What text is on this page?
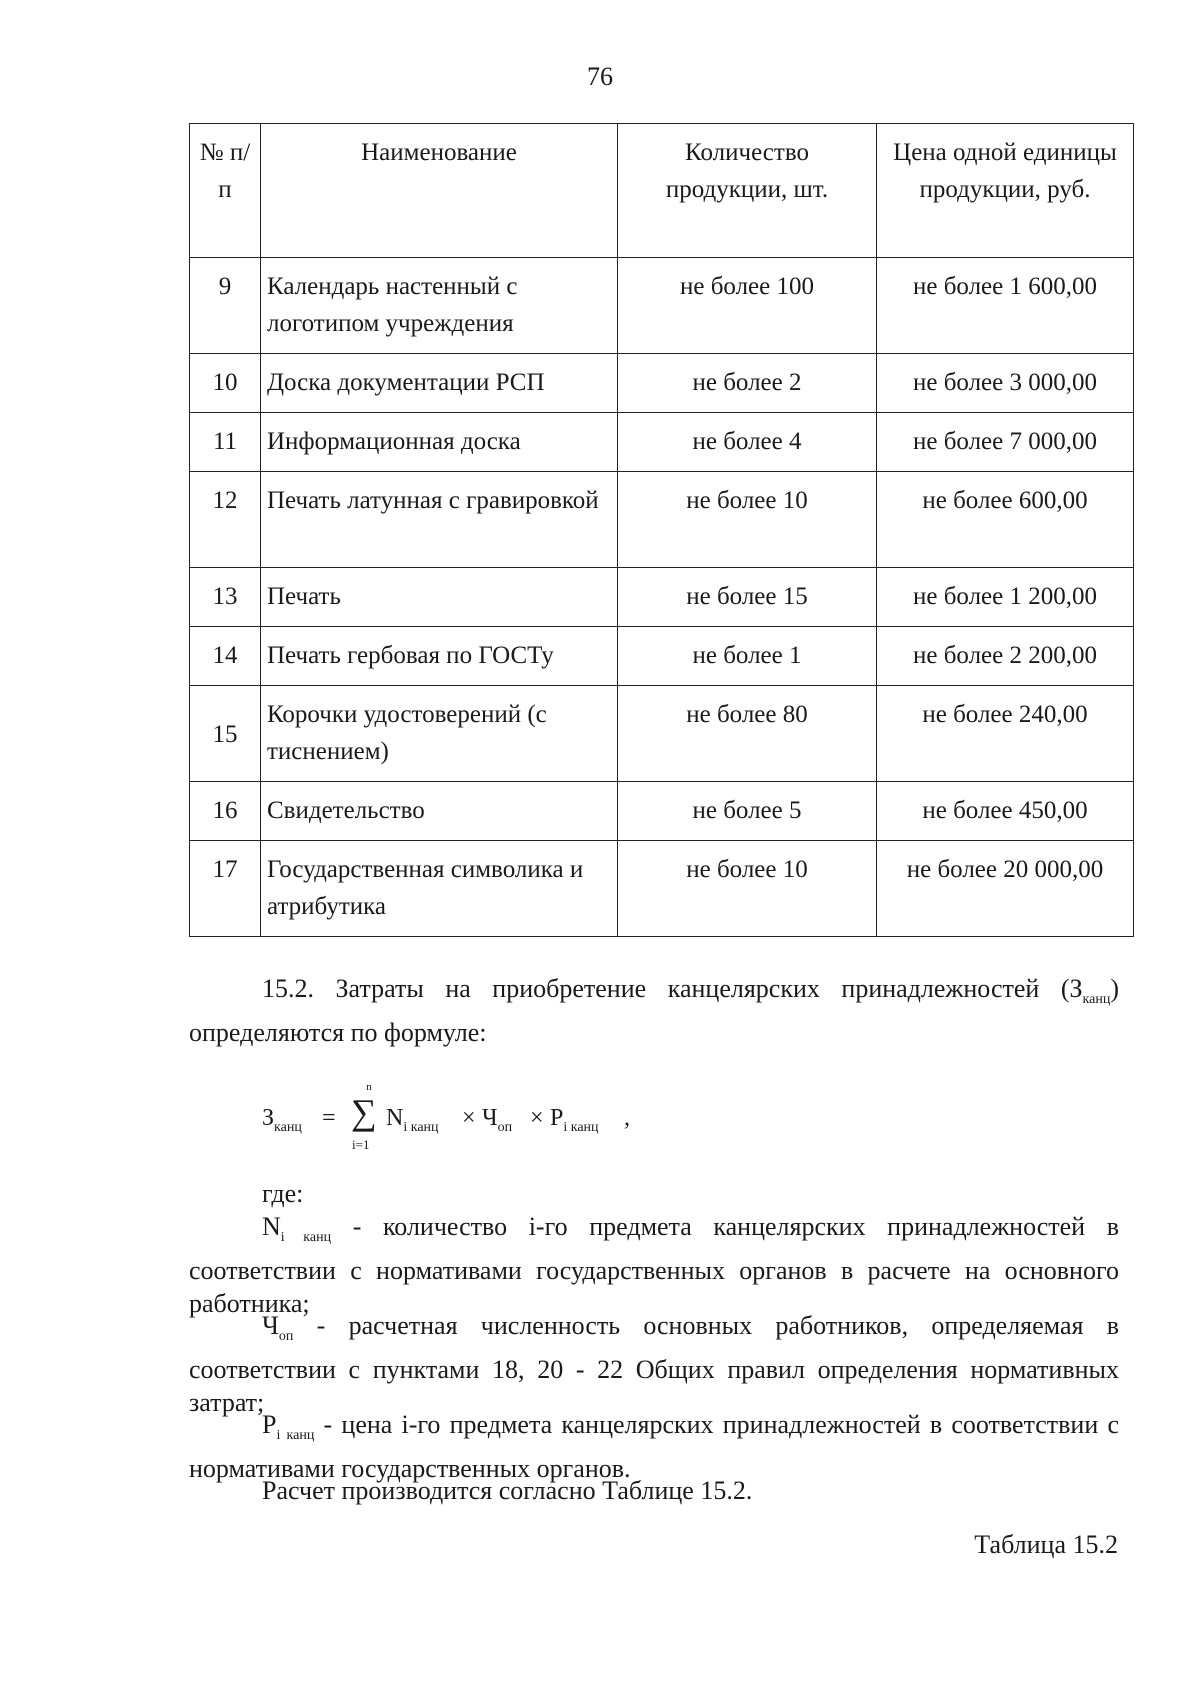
76
№ п/п	Наименование	Количество продукции, шт.	Цена одной единицы продукции, руб.
9	Календарь настенный с логотипом учреждения	не более 100	не более 1 600,00
10	Доска документации РСП	не более 2	не более 3 000,00
11	Информационная доска	не более 4	не более 7 000,00
12	Печать латунная с гравировкой	не более 10	не более 600,00
13	Печать	не более 15	не более 1 200,00
14	Печать гербовая по ГОСТу	не более 1	не более 2 200,00
15	Корочки удостоверений (с тиснением)	не более 80	не более 240,00
16	Свидетельство	не более 5	не более 450,00
17	Государственная символика и атрибутика	не более 10	не более 20 000,00
15.2. Затраты на приобретение канцелярских принадлежностей $(З_{канц})$ определяются по формуле:
$З_{канц}$ =
n
∑
i=1
$N_{i канц} \times Ч_{оп} \times P_{i канц}$ ,
где:
$N_{i канц}$ - количество i-го предмета канцелярских принадлежностей в соответствии с нормативами государственных органов в расчете на основного работника;
$Ч_{оп}$ - расчетная численность основных работников, определяемая в соответствии с пунктами 18, 20 - 22 Общих правил определения нормативных затрат;
$P_{i канц}$ - цена i-го предмета канцелярских принадлежностей в соответствии с нормативами государственных органов.
Расчет производится согласно Таблице 15.2.
Таблица 15.2
